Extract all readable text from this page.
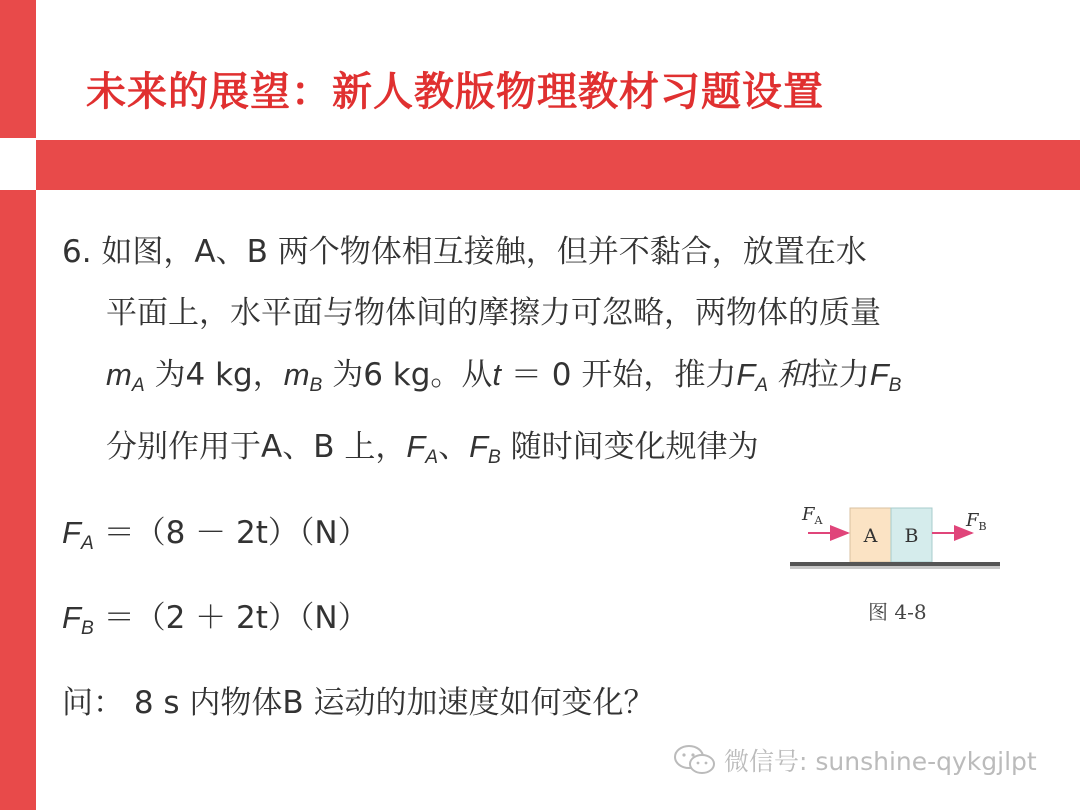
未来的展望：新人教版物理教材习题设置
6. 如图，A、B 两个物体相互接触，但并不黏合，放置在水
平面上，水平面与物体间的摩擦力可忽略，两物体的质量
$m_A$ 为4 kg，$m_B$ 为6 kg。从t ＝ 0 开始，推力$F_A$ 和拉力$F_B$
分别作用于A、B 上，$F_A$、$F_B$ 随时间变化规律为
$F_A =(8 - 2t)(N)$
$F_B =(2 + 2t)(N)$
问： 8 s 内物体B 运动的加速度如何变化？
A B
$F_A$	$F_B$
图 4-8
微信号: sunshine-qykgjlpt
